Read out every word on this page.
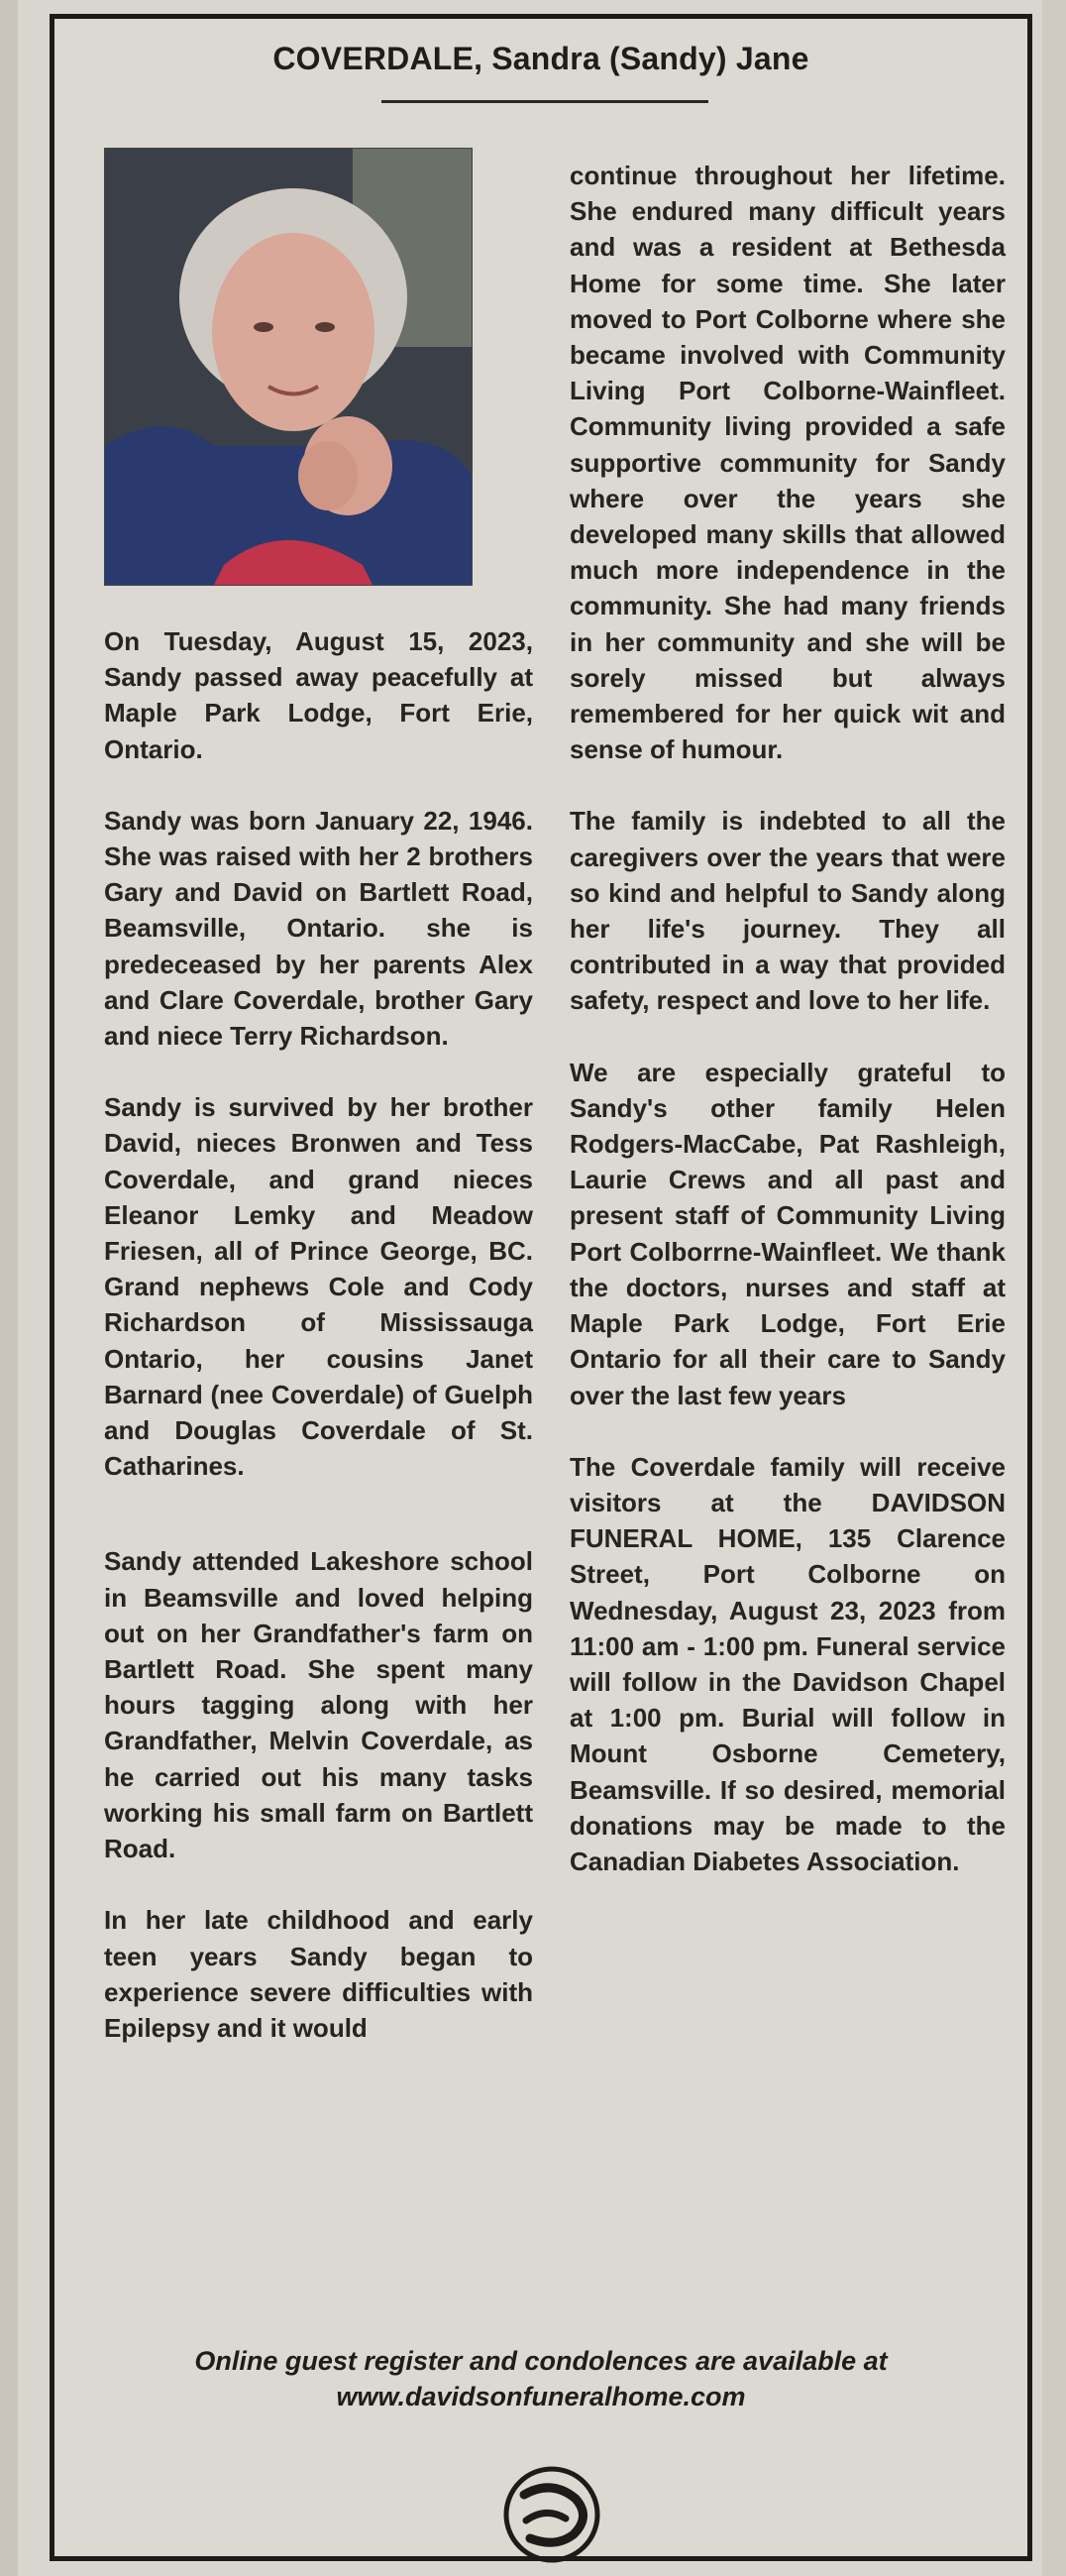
COVERDALE, Sandra (Sandy) Jane

On Tuesday, August 15, 2023, Sandy passed away peacefully at Maple Park Lodge, Fort Erie, Ontario.

Sandy was born January 22, 1946. She was raised with her 2 brothers Gary and David on Bartlett Road, Beamsville, Ontario. she is predeceased by her parents Alex and Clare Coverdale, brother Gary and niece Terry Richardson.

Sandy is survived by her brother David, nieces Bronwen and Tess Coverdale, and grand nieces Eleanor Lemky and Meadow Friesen, all of Prince George, BC. Grand nephews Cole and Cody Richardson of Mississauga Ontario, her cousins Janet Barnard (nee Coverdale) of Guelph and Douglas Coverdale of St. Catharines.

Sandy attended Lakeshore school in Beamsville and loved helping out on her Grandfather's farm on Bartlett Road. She spent many hours tagging along with her Grandfather, Melvin Coverdale, as he carried out his many tasks working his small farm on Bartlett Road.

In her late childhood and early teen years Sandy began to experience severe difficulties with Epilepsy and it would

continue throughout her lifetime. She endured many difficult years and was a resident at Bethesda Home for some time. She later moved to Port Colborne where she became involved with Community Living Port Colborne-Wainfleet. Community living provided a safe supportive community for Sandy where over the years she developed many skills that allowed much more independence in the community. She had many friends in her community and she will be sorely missed but always remembered for her quick wit and sense of humour.

The family is indebted to all the caregivers over the years that were so kind and helpful to Sandy along her life's journey. They all contributed in a way that provided safety, respect and love to her life.

We are especially grateful to Sandy's other family Helen Rodgers-MacCabe, Pat Rashleigh, Laurie Crews and all past and present staff of Community Living Port Colborrne-Wainfleet. We thank the doctors, nurses and staff at Maple Park Lodge, Fort Erie Ontario for all their care to Sandy over the last few years

The Coverdale family will receive visitors at the DAVIDSON FUNERAL HOME, 135 Clarence Street, Port Colborne on Wednesday, August 23, 2023 from 11:00 am - 1:00 pm. Funeral service will follow in the Davidson Chapel at 1:00 pm. Burial will follow in Mount Osborne Cemetery, Beamsville. If so desired, memorial donations may be made to the Canadian Diabetes Association.

Online guest register and condolences are available at
www.davidsonfuneralhome.com
